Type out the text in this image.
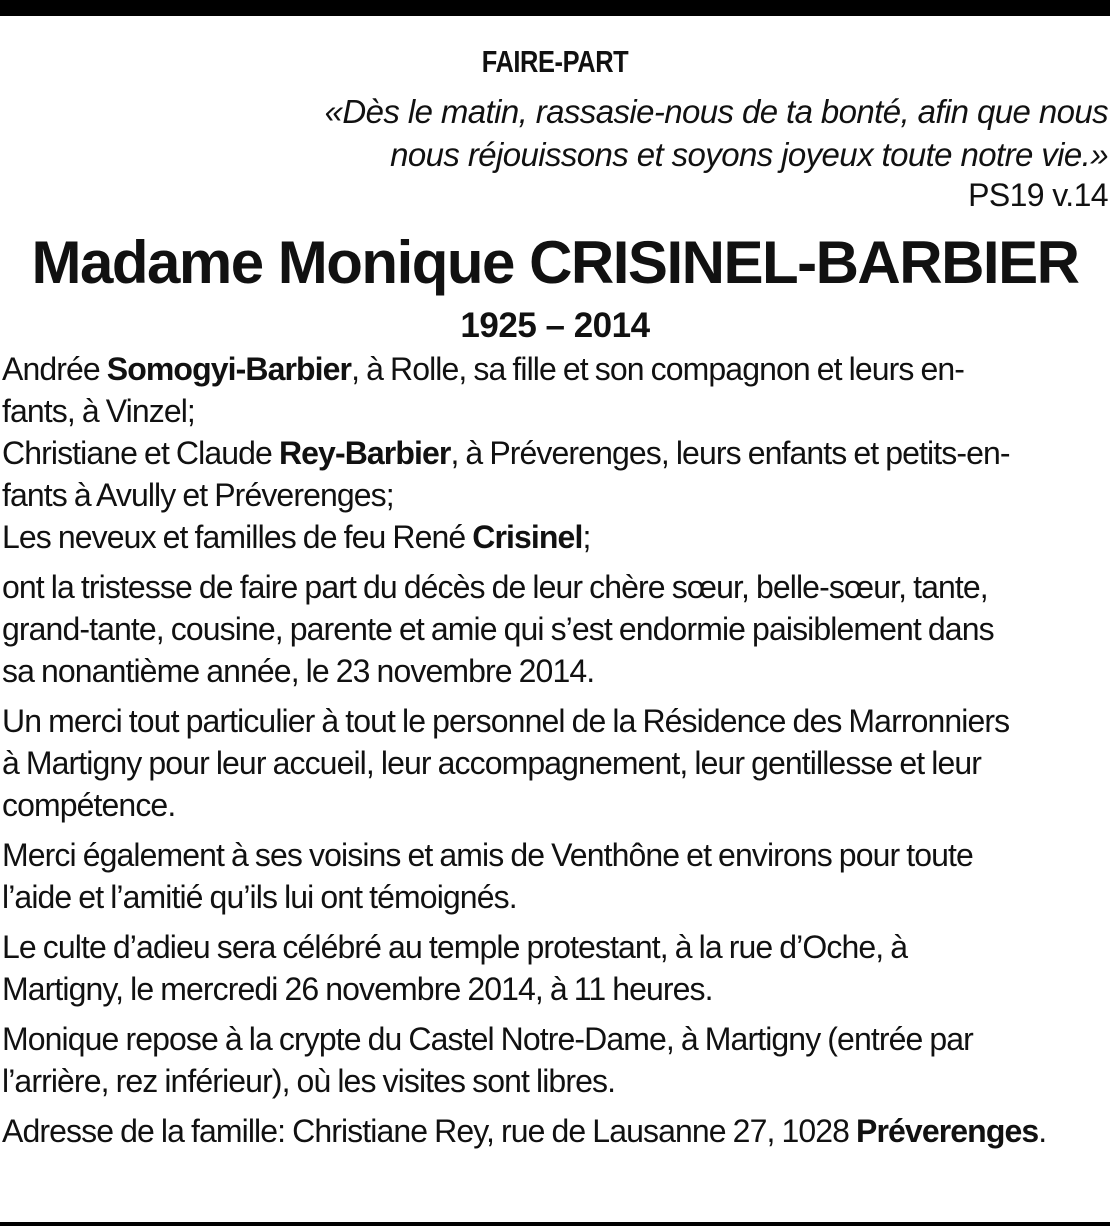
FAIRE-PART
«Dès le matin, rassasie-nous de ta bonté, afin que nous
nous réjouissons et soyons joyeux toute notre vie.»
PS19 v.14
Madame Monique CRISINEL-BARBIER
1925 – 2014
Andrée Somogyi-Barbier, à Rolle, sa fille et son compagnon et leurs en-
fants, à Vinzel;
Christiane et Claude Rey-Barbier, à Préverenges, leurs enfants et petits-en-
fants à Avully et Préverenges;
Les neveux et familles de feu René Crisinel;
ont la tristesse de faire part du décès de leur chère sœur, belle-sœur, tante,
grand-tante, cousine, parente et amie qui s’est endormie paisiblement dans
sa nonantième année, le 23 novembre 2014.
Un merci tout particulier à tout le personnel de la Résidence des Marronniers
à Martigny pour leur accueil, leur accompagnement, leur gentillesse et leur
compétence.
Merci également à ses voisins et amis de Venthône et environs pour toute
l’aide et l’amitié qu’ils lui ont témoignés.
Le culte d’adieu sera célébré au temple protestant, à la rue d’Oche, à
Martigny, le mercredi 26 novembre 2014, à 11 heures.
Monique repose à la crypte du Castel Notre-Dame, à Martigny (entrée par
l’arrière, rez inférieur), où les visites sont libres.
Adresse de la famille: Christiane Rey, rue de Lausanne 27, 1028 Préverenges.
